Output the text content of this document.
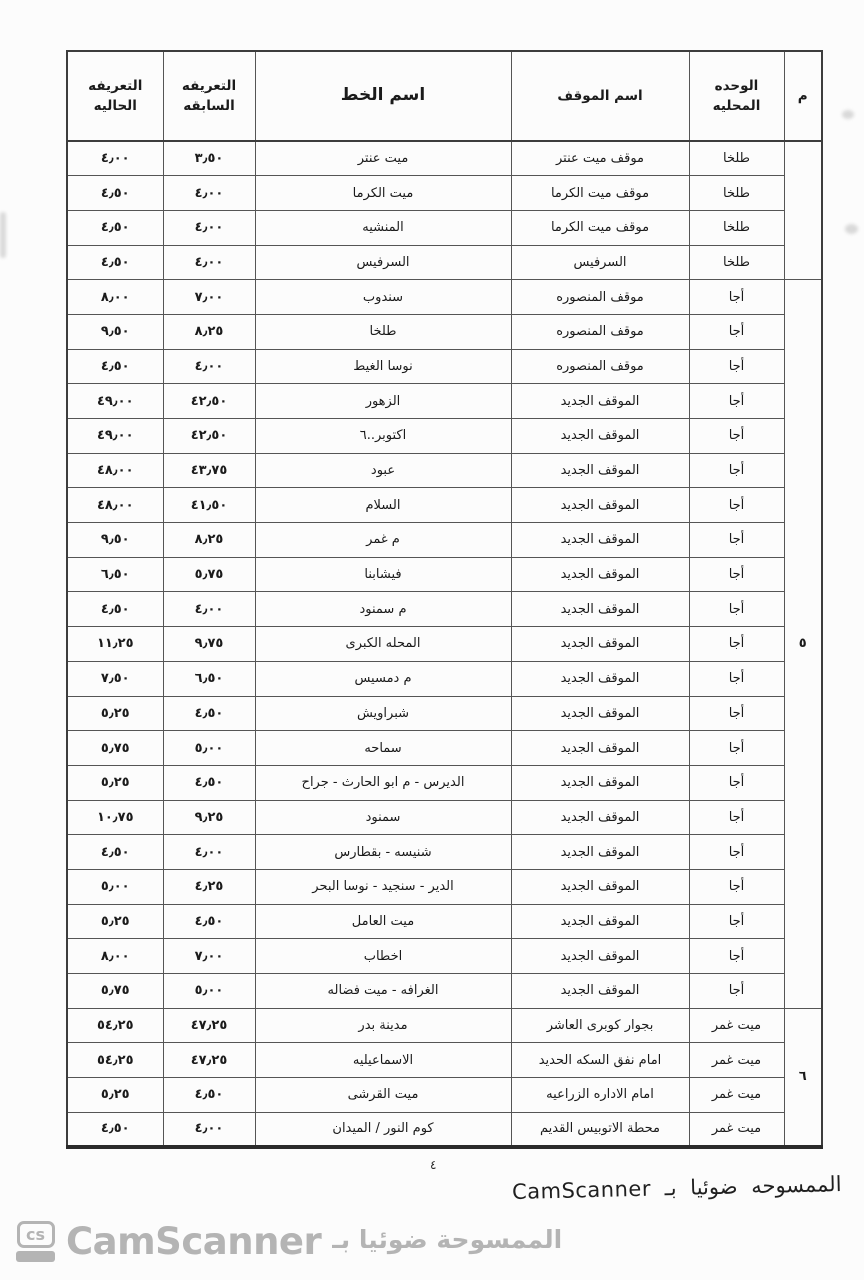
م	الوحده المحليه	اسم الموقف	اسم الخط	التعريفه السابقه	التعريفه الحاليه
	طلخا	موقف ميت عنتر	ميت عنتر	٣٫٥٠	٤٫٠٠
	طلخا	موقف ميت الكرما	ميت الكرما	٤٫٠٠	٤٫٥٠
	طلخا	موقف ميت الكرما	المنشيه	٤٫٠٠	٤٫٥٠
	طلخا	السرفيس	السرفيس	٤٫٠٠	٤٫٥٠
٥	أجا	موقف المنصوره	سندوب	٧٫٠٠	٨٫٠٠
	أجا	موقف المنصوره	طلخا	٨٫٢٥	٩٫٥٠
	أجا	موقف المنصوره	نوسا الغيط	٤٫٠٠	٤٫٥٠
	أجا	الموقف الجديد	الزهور	٤٢٫٥٠	٤٩٫٠٠
	أجا	الموقف الجديد	اكتوبر..٦	٤٢٫٥٠	٤٩٫٠٠
	أجا	الموقف الجديد	عبود	٤٣٫٧٥	٤٨٫٠٠
	أجا	الموقف الجديد	السلام	٤١٫٥٠	٤٨٫٠٠
	أجا	الموقف الجديد	م غمر	٨٫٢٥	٩٫٥٠
	أجا	الموقف الجديد	فيشابنا	٥٫٧٥	٦٫٥٠
	أجا	الموقف الجديد	م سمنود	٤٫٠٠	٤٫٥٠
	أجا	الموقف الجديد	المحله الكبرى	٩٫٧٥	١١٫٢٥
	أجا	الموقف الجديد	م دمسيس	٦٫٥٠	٧٫٥٠
	أجا	الموقف الجديد	شبراويش	٤٫٥٠	٥٫٢٥
	أجا	الموقف الجديد	سماحه	٥٫٠٠	٥٫٧٥
	أجا	الموقف الجديد	الديرس - م ابو الحارث - جراح	٤٫٥٠	٥٫٢٥
	أجا	الموقف الجديد	سمنود	٩٫٢٥	١٠٫٧٥
	أجا	الموقف الجديد	شنيسه - بقطارس	٤٫٠٠	٤٫٥٠
	أجا	الموقف الجديد	الدير - سنجيد - نوسا البحر	٤٫٢٥	٥٫٠٠
	أجا	الموقف الجديد	ميت العامل	٤٫٥٠	٥٫٢٥
	أجا	الموقف الجديد	اخطاب	٧٫٠٠	٨٫٠٠
	أجا	الموقف الجديد	الغرافه - ميت فضاله	٥٫٠٠	٥٫٧٥
٦	ميت غمر	بجوار كوبرى العاشر	مدينة بدر	٤٧٫٢٥	٥٤٫٢٥
	ميت غمر	امام نفق السكه الحديد	الاسماعيليه	٤٧٫٢٥	٥٤٫٢٥
	ميت غمر	امام الاداره الزراعيه	ميت القرشى	٤٫٥٠	٥٫٢٥
	ميت غمر	محطة الاتوبيس القديم	كوم النور / الميدان	٤٫٠٠	٤٫٥٠
٤
الممسوحه ضوئيا بـ CamScanner
cs CamScanner الممسوحة ضوئيا بـ
